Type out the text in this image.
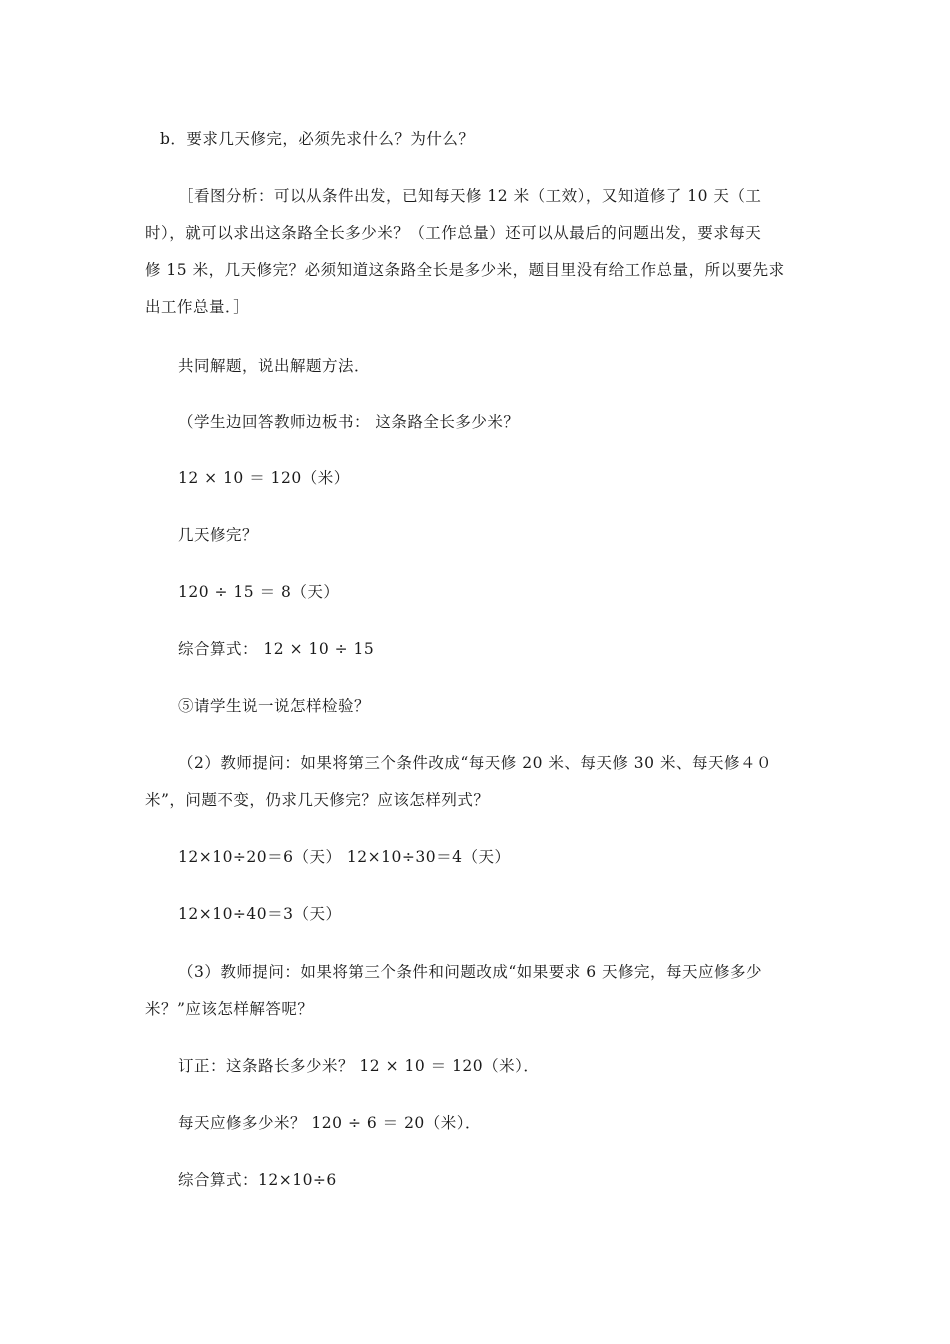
b．要求几天修完，必须先求什么？为什么？
［看图分析：可以从条件出发，已知每天修 12 米（工效），又知道修了 10 天（工
时），就可以求出这条路全长多少米？（工作总量）还可以从最后的问题出发，要求每天
修 15 米，几天修完？必须知道这条路全长是多少米，题目里没有给工作总量，所以要先求
出工作总量．］
共同解题，说出解题方法．
（学生边回答教师边板书： 这条路全长多少米？
12 × 10 ＝ 120（米）
几天修完？
120 ÷ 15 ＝ 8（天）
综合算式： 12 × 10 ÷ 15
⑤请学生说一说怎样检验？
（2）教师提问：如果将第三个条件改成“每天修 20 米、每天修 30 米、每天修４０
米”，问题不变，仍求几天修完？应该怎样列式？
12×10÷20＝6（天） 12×10÷30＝4（天）
12×10÷40＝3（天）
（3）教师提问：如果将第三个条件和问题改成“如果要求 6 天修完，每天应修多少
米？”应该怎样解答呢？
订正：这条路长多少米？ 12 × 10 ＝ 120（米）．
每天应修多少米？ 120 ÷ 6 ＝ 20（米）．
综合算式：12×10÷6
